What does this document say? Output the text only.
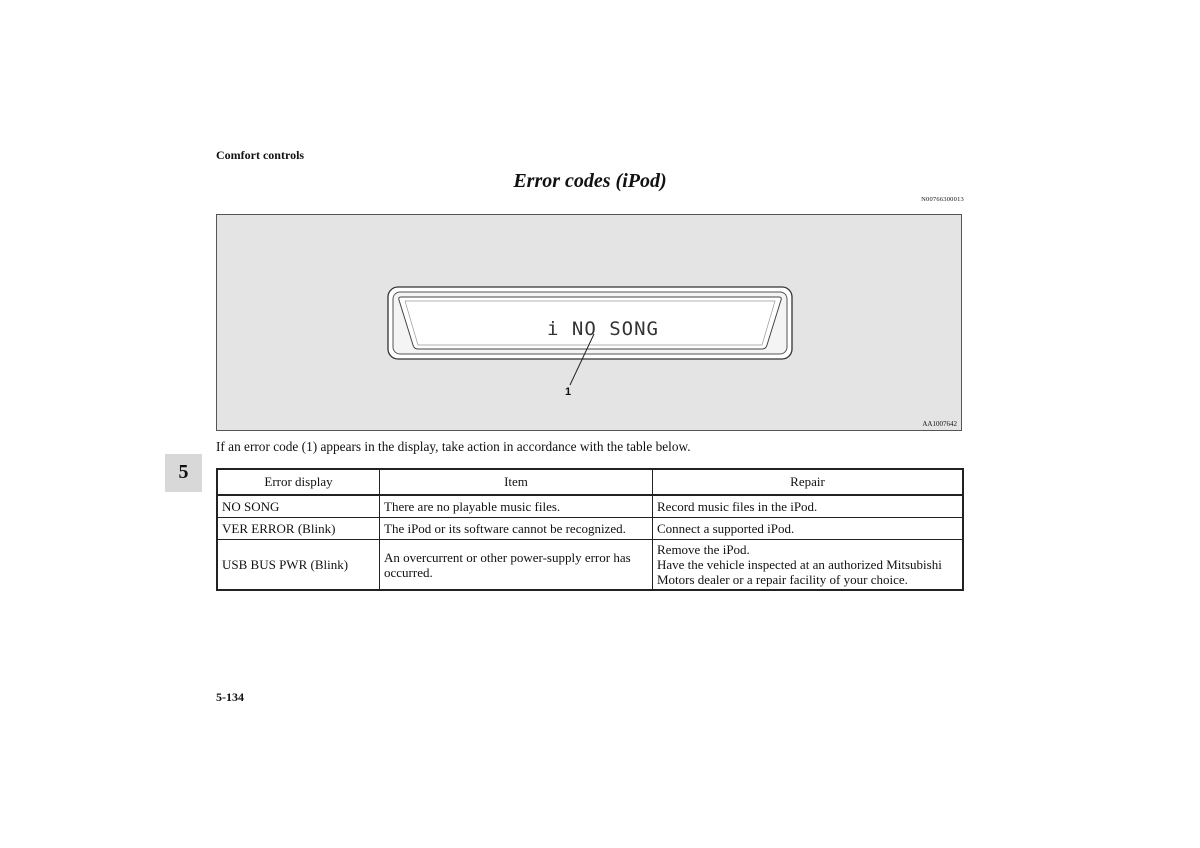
Comfort controls
Error codes (iPod)
N00766300013
i NO SONG
1
AA1007642
If an error code (1) appears in the display, take action in accordance with the table below.
5	Error display	Item	Repair
NO SONG	There are no playable music files.	Record music files in the iPod.

VER ERROR (Blink)	The iPod or its software cannot be recognized.	Connect a supported iPod.

USB BUS PWR (Blink)	An overcurrent or other power-supply error has occurred.	Remove the iPod.
Have the vehicle inspected at an authorized Mitsubishi Motors dealer or a repair facility of your choice.
5-134
